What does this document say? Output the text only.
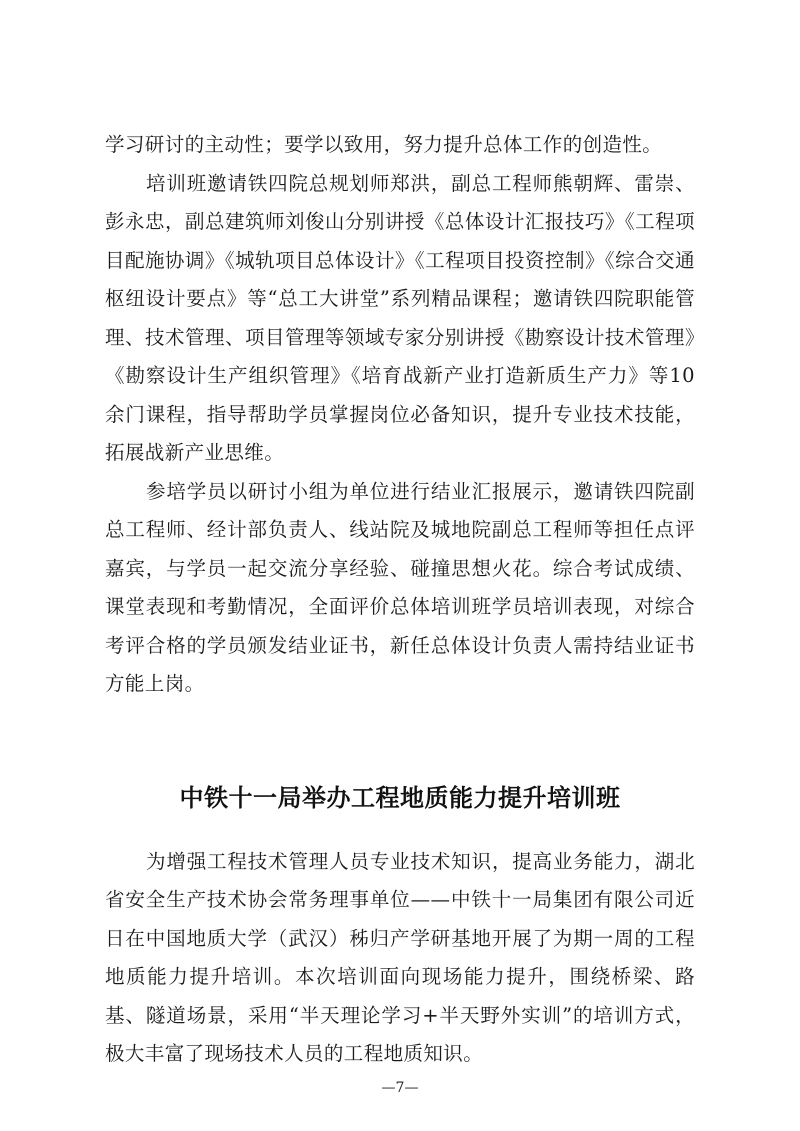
学习研讨的主动性；要学以致用，努力提升总体工作的创造性。

培训班邀请铁四院总规划师郑洪，副总工程师熊朝辉、雷崇、彭永忠，副总建筑师刘俊山分别讲授《总体设计汇报技巧》《工程项目配施协调》《城轨项目总体设计》《工程项目投资控制》《综合交通枢纽设计要点》等“总工大讲堂”系列精品课程；邀请铁四院职能管理、技术管理、项目管理等领域专家分别讲授《勘察设计技术管理》《勘察设计生产组织管理》《培育战新产业打造新质生产力》等10余门课程，指导帮助学员掌握岗位必备知识，提升专业技术技能，拓展战新产业思维。

参培学员以研讨小组为单位进行结业汇报展示，邀请铁四院副总工程师、经计部负责人、线站院及城地院副总工程师等担任点评嘉宾，与学员一起交流分享经验、碰撞思想火花。综合考试成绩、课堂表现和考勤情况，全面评价总体培训班学员培训表现，对综合考评合格的学员颁发结业证书，新任总体设计负责人需持结业证书方能上岗。

中铁十一局举办工程地质能力提升培训班

为增强工程技术管理人员专业技术知识，提高业务能力，湖北省安全生产技术协会常务理事单位——中铁十一局集团有限公司近日在中国地质大学（武汉）秭归产学研基地开展了为期一周的工程地质能力提升培训。本次培训面向现场能力提升，围绕桥梁、路基、隧道场景，采用“半天理论学习+半天野外实训”的培训方式，极大丰富了现场技术人员的工程地质知识。

—7—
